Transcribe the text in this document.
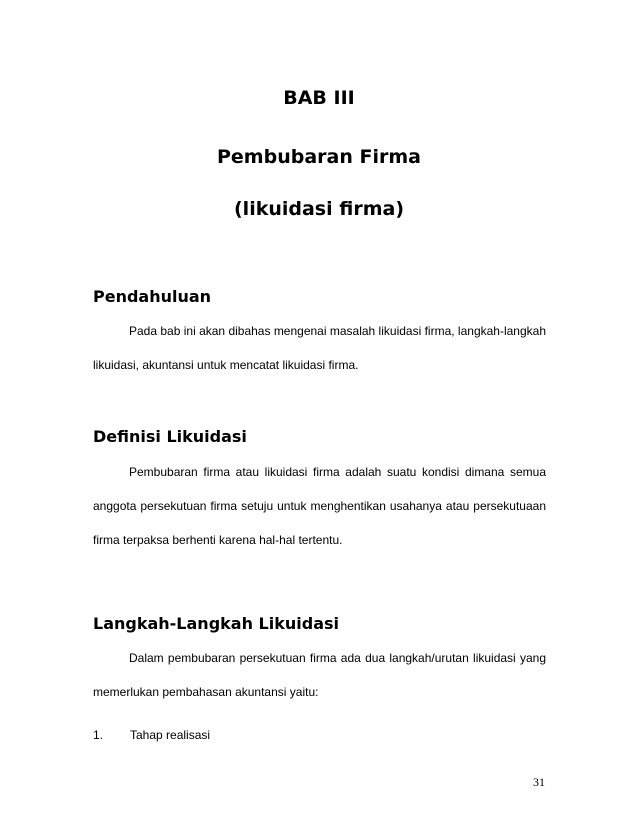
BAB III
Pembubaran Firma
(likuidasi firma)
Pendahuluan

Pada bab ini akan dibahas mengenai masalah likuidasi firma, langkah-langkah likuidasi, akuntansi untuk mencatat likuidasi firma.

Definisi Likuidasi

Pembubaran firma atau likuidasi firma adalah suatu kondisi dimana semua anggota persekutuan firma setuju untuk menghentikan usahanya atau persekutuaan firma terpaksa berhenti karena hal-hal tertentu.

Langkah-Langkah Likuidasi

Dalam pembubaran persekutuan firma ada dua langkah/urutan likuidasi yang memerlukan pembahasan akuntansi yaitu:

1. Tahap realisasi

31
